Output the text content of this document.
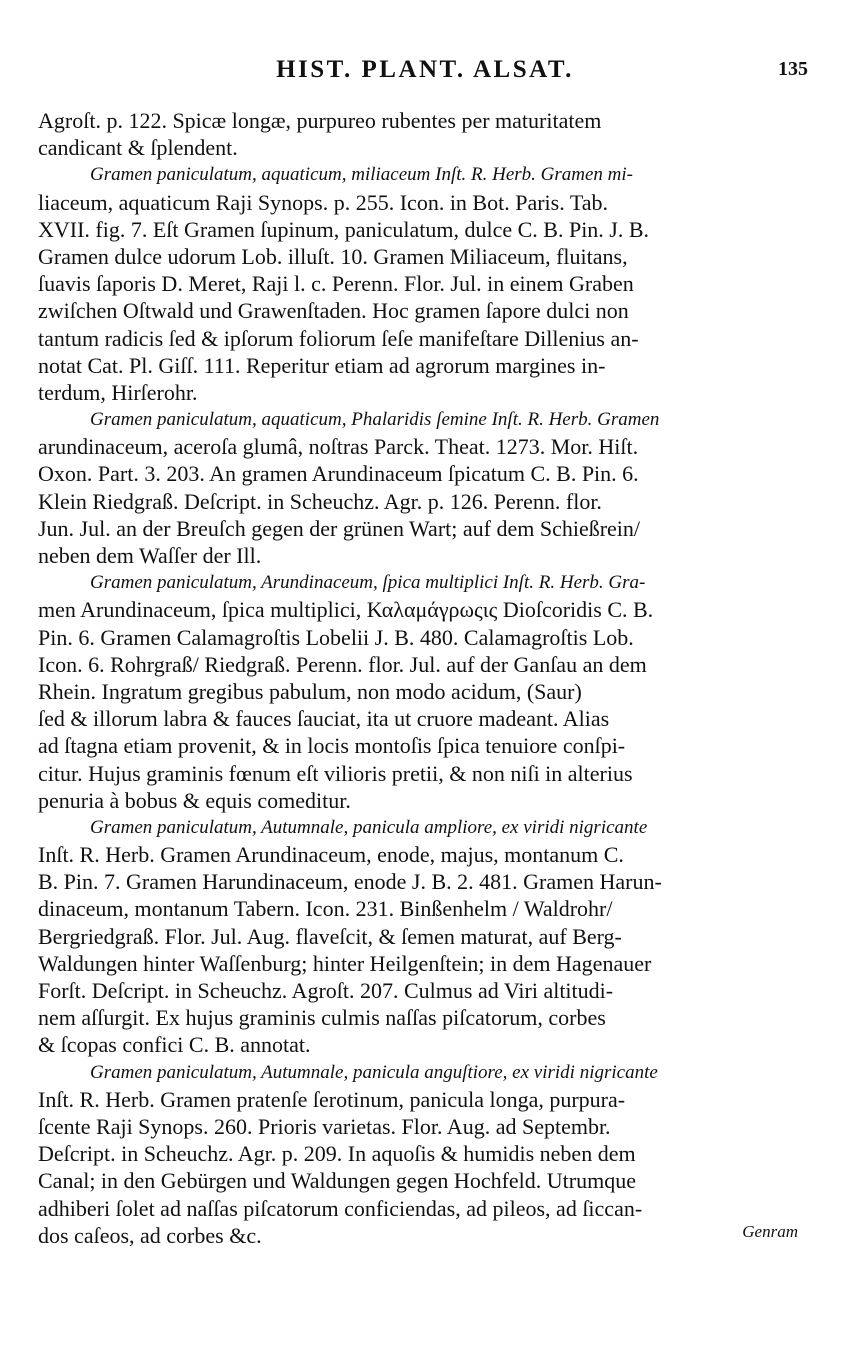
HIST. PLANT. ALSAT.	135
Agroſt. p. 122. Spicæ longæ, purpureo rubentes per maturitatem
candicant & ſplendent.
Gramen paniculatum, aquaticum, miliaceum Inſt. R. Herb. Gramen mi-
liaceum, aquaticum Raji Synops. p. 255. Icon. in Bot. Paris. Tab.
XVII. fig. 7. Eſt Gramen ſupinum, paniculatum, dulce C. B. Pin. J. B.
Gramen dulce udorum Lob. illuſt. 10. Gramen Miliaceum, fluitans,
ſuavis ſaporis D. Meret, Raji l. c. Perenn. Flor. Jul. in einem Graben
zwiſchen Oſtwald und Grawenſtaden. Hoc gramen ſapore dulci non
tantum radicis ſed & ipſorum foliorum ſeſe manifeſtare Dillenius an-
notat Cat. Pl. Giſſ. 111. Reperitur etiam ad agrorum margines in-
terdum, Hirſerohr.
Gramen paniculatum, aquaticum, Phalaridis ſemine Inſt. R. Herb. Gramen
arundinaceum, aceroſa glumâ, noſtras Parck. Theat. 1273. Mor. Hiſt.
Oxon. Part. 3. 203. An gramen Arundinaceum ſpicatum C. B. Pin. 6.
Klein Riedgraß. Deſcript. in Scheuchz. Agr. p. 126. Perenn. flor.
Jun. Jul. an der Breuſch gegen der grünen Wart; auf dem Schießrein/
neben dem Waſſer der Ill.
Gramen paniculatum, Arundinaceum, ſpica multiplici Inſt. R. Herb. Gra-
men Arundinaceum, ſpica multiplici, Καλαμάγρωςις Dioſcoridis C. B.
Pin. 6. Gramen Calamagroſtis Lobelii J. B. 480. Calamagroſtis Lob.
Icon. 6. Rohrgraß/ Riedgraß. Perenn. flor. Jul. auf der Ganſau an dem
Rhein. Ingratum gregibus pabulum, non modo acidum, (Saur)
ſed & illorum labra & fauces ſauciat, ita ut cruore madeant. Alias
ad ſtagna etiam provenit, & in locis montoſis ſpica tenuiore conſpi-
citur. Hujus graminis fœnum eſt vilioris pretii, & non niſi in alterius
penuria à bobus & equis comeditur.
Gramen paniculatum, Autumnale, panicula ampliore, ex viridi nigricante
Inſt. R. Herb. Gramen Arundinaceum, enode, majus, montanum C.
B. Pin. 7. Gramen Harundinaceum, enode J. B. 2. 481. Gramen Harun-
dinaceum, montanum Tabern. Icon. 231. Binßenhelm / Waldrohr/
Bergriedgraß. Flor. Jul. Aug. flaveſcit, & ſemen maturat, auf Berg-
Waldungen hinter Waſſenburg; hinter Heilgenſtein; in dem Hagenauer
Forſt. Deſcript. in Scheuchz. Agroſt. 207. Culmus ad Viri altitudi-
nem aſſurgit. Ex hujus graminis culmis naſſas piſcatorum, corbes
& ſcopas confici C. B. annotat.
Gramen paniculatum, Autumnale, panicula anguſtiore, ex viridi nigricante
Inſt. R. Herb. Gramen pratenſe ſerotinum, panicula longa, purpura-
ſcente Raji Synops. 260. Prioris varietas. Flor. Aug. ad Septembr.
Deſcript. in Scheuchz. Agr. p. 209. In aquoſis & humidis neben dem
Canal; in den Gebürgen und Waldungen gegen Hochfeld. Utrumque
adhiberi ſolet ad naſſas piſcatorum conficiendas, ad pileos, ad ſiccan-
dos caſeos, ad corbes &c.	Genram
